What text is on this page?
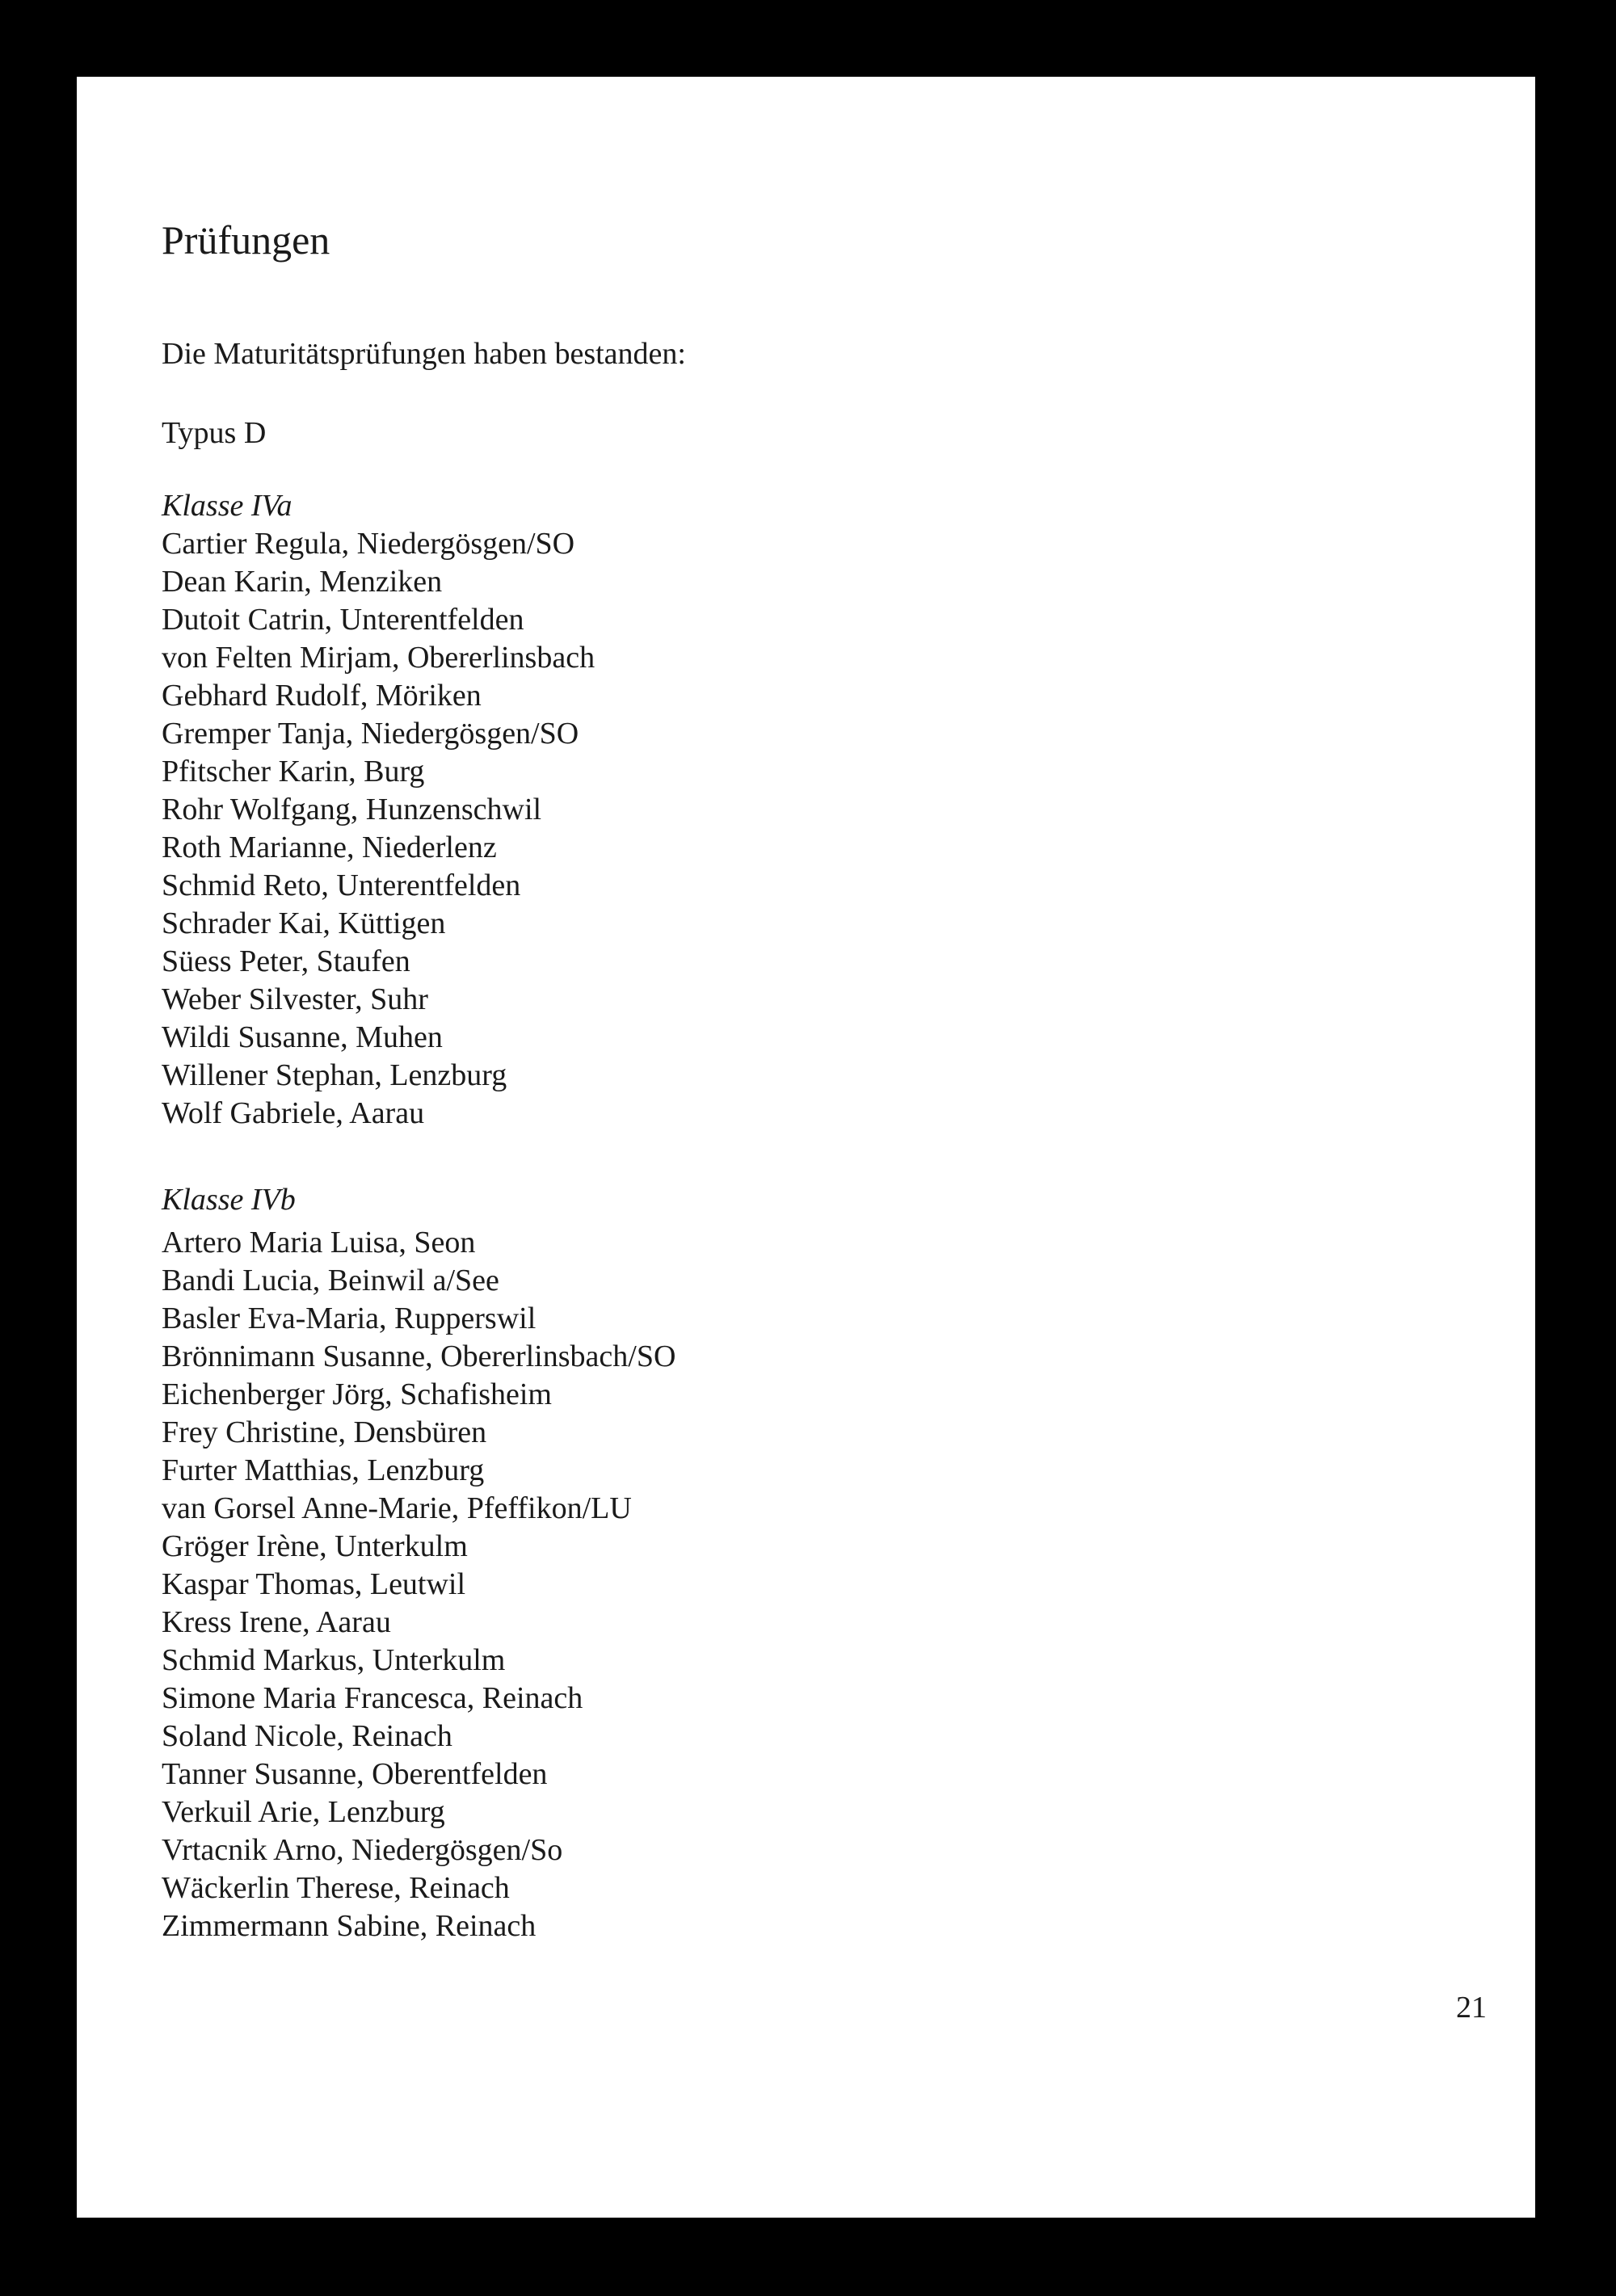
Prüfungen
Die Maturitätsprüfungen haben bestanden:
Typus D
Klasse IVa
Cartier Regula, Niedergösgen/SO
Dean Karin, Menziken
Dutoit Catrin, Unterentfelden
von Felten Mirjam, Obererlinsbach
Gebhard Rudolf, Möriken
Gremper Tanja, Niedergösgen/SO
Pfitscher Karin, Burg
Rohr Wolfgang, Hunzenschwil
Roth Marianne, Niederlenz
Schmid Reto, Unterentfelden
Schrader Kai, Küttigen
Süess Peter, Staufen
Weber Silvester, Suhr
Wildi Susanne, Muhen
Willener Stephan, Lenzburg
Wolf Gabriele, Aarau
Klasse IVb
Artero Maria Luisa, Seon
Bandi Lucia, Beinwil a/See
Basler Eva-Maria, Rupperswil
Brönnimann Susanne, Obererlinsbach/SO
Eichenberger Jörg, Schafisheim
Frey Christine, Densbüren
Furter Matthias, Lenzburg
van Gorsel Anne-Marie, Pfeffikon/LU
Gröger Irène, Unterkulm
Kaspar Thomas, Leutwil
Kress Irene, Aarau
Schmid Markus, Unterkulm
Simone Maria Francesca, Reinach
Soland Nicole, Reinach
Tanner Susanne, Oberentfelden
Verkuil Arie, Lenzburg
Vrtacnik Arno, Niedergösgen/So
Wäckerlin Therese, Reinach
Zimmermann Sabine, Reinach
21
